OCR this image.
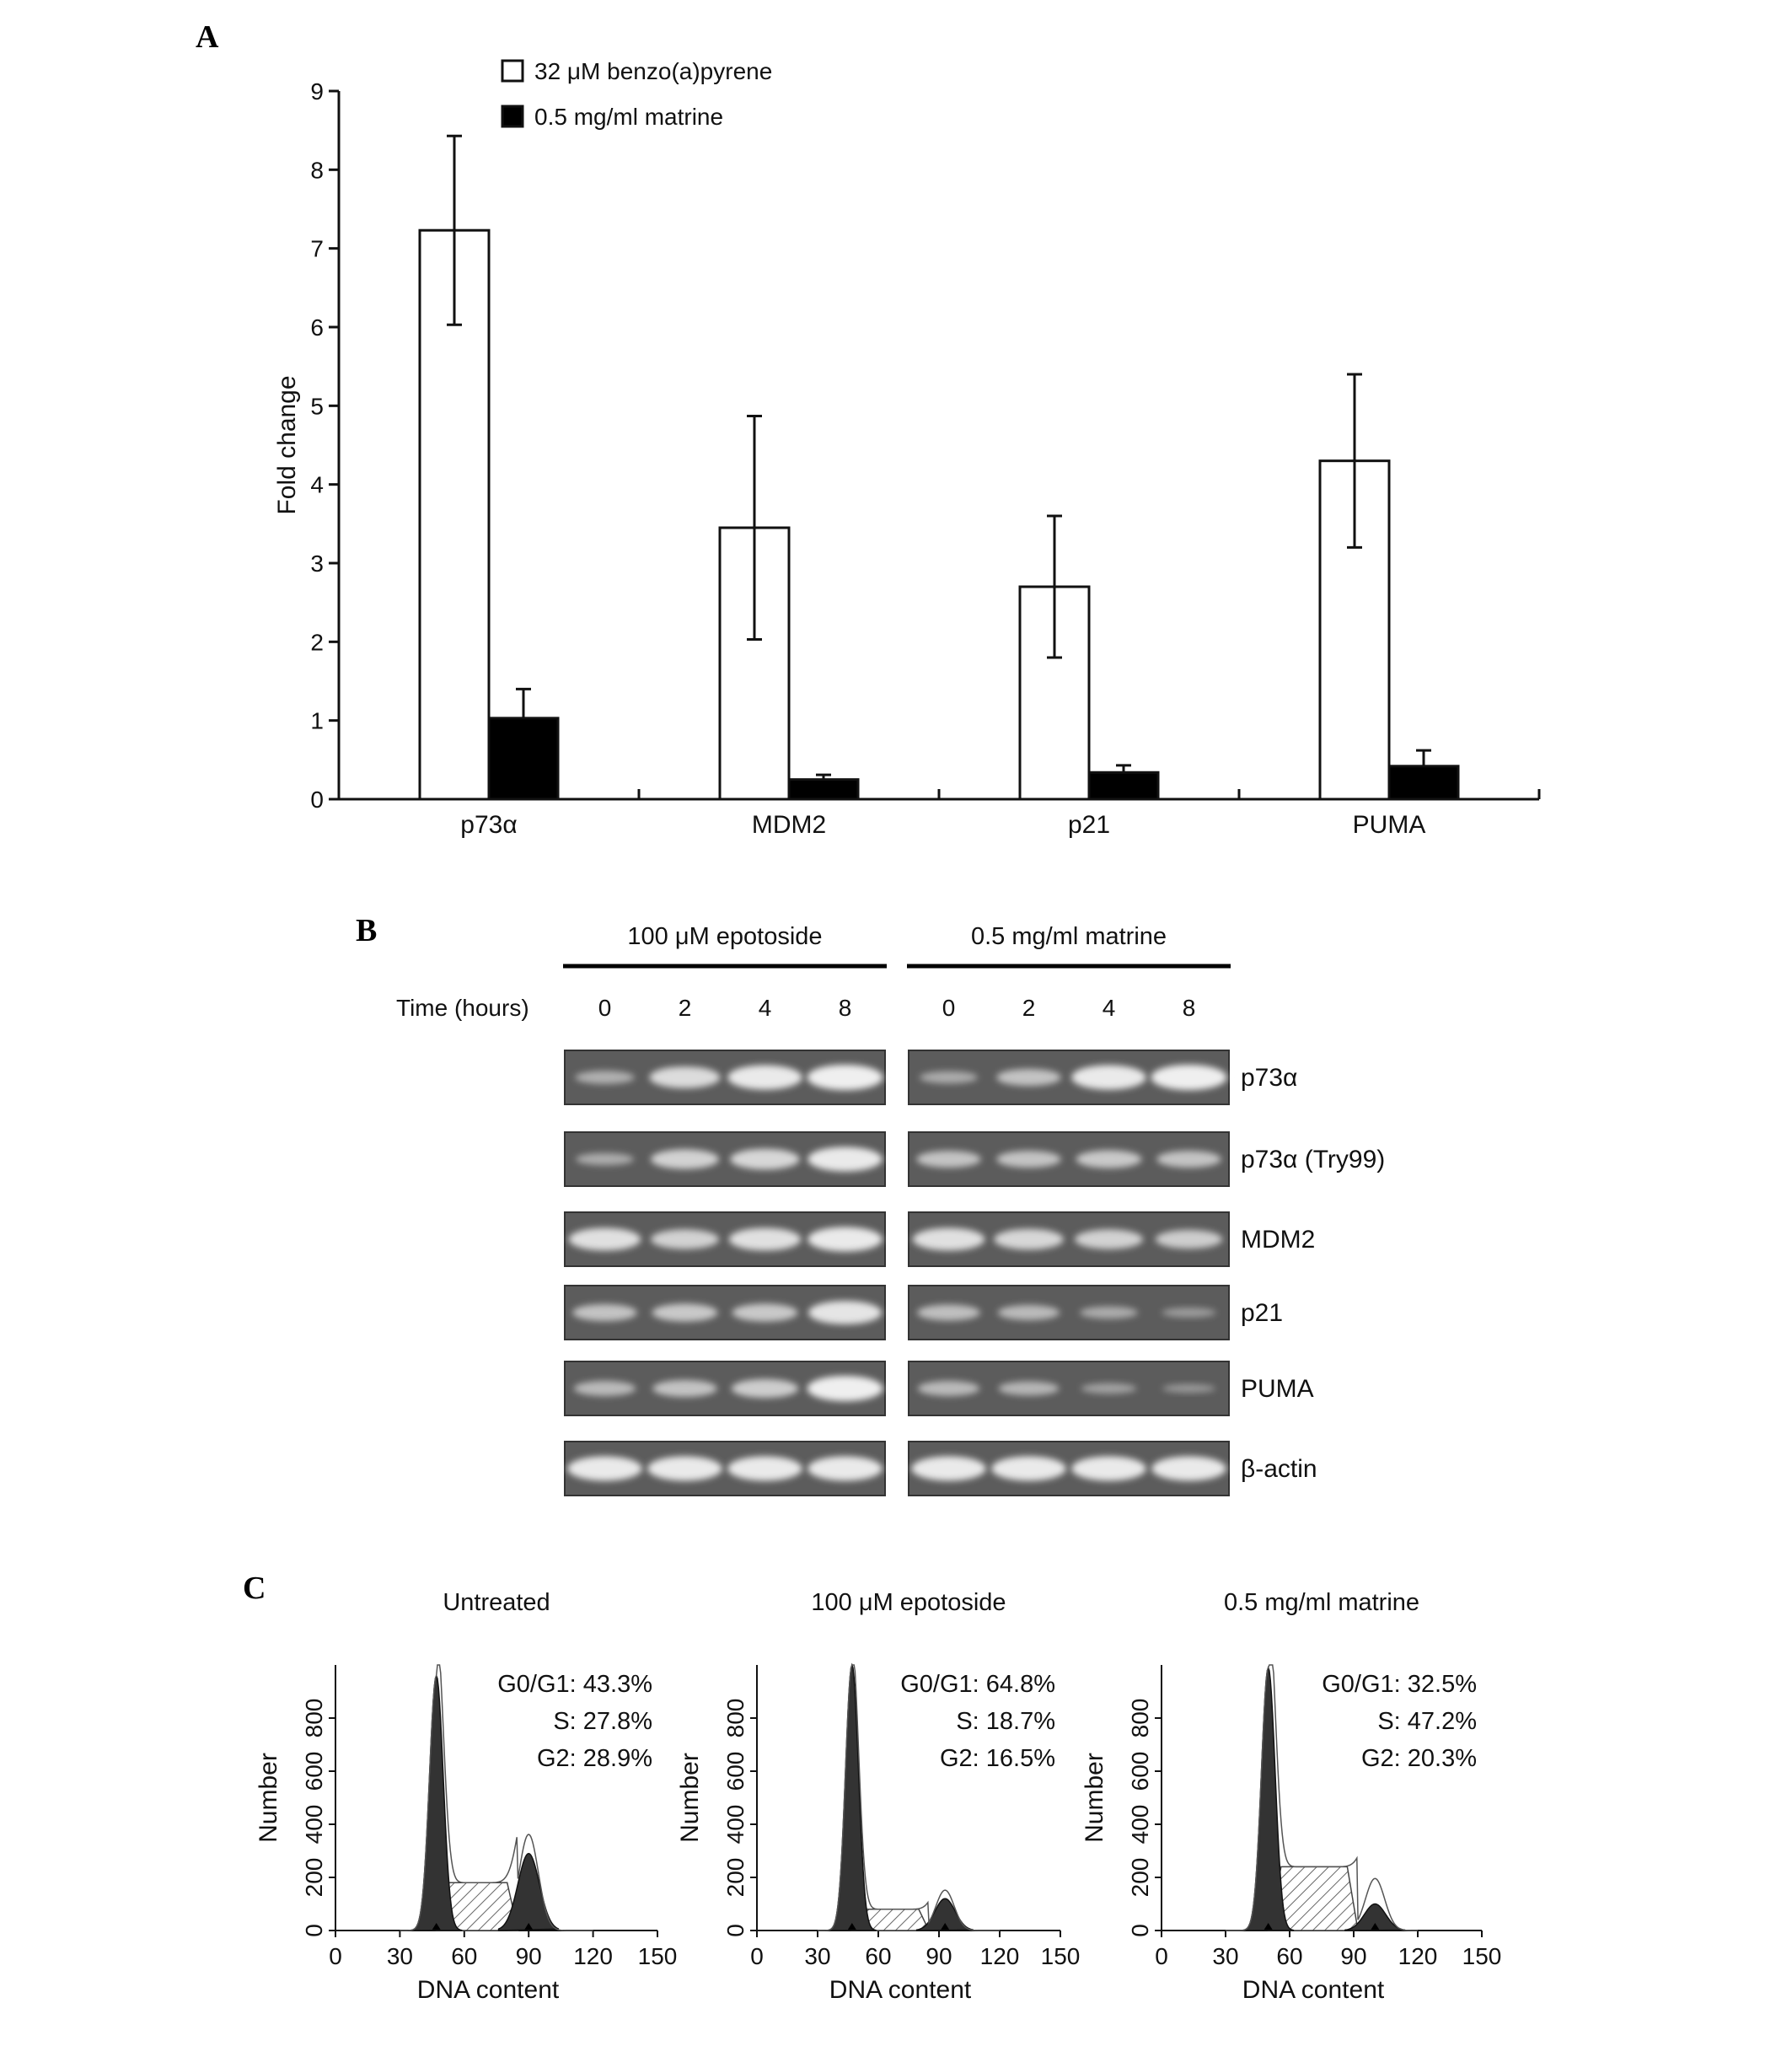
A
B
C
0
1
2
3
4
5
6
7
8
9
Fold change
p73α	MDM2	p21	PUMA
32 μM benzo(a)pyrene
0.5 mg/ml matrine
100 μM epotoside
0	2	4	8
0.5 mg/ml matrine
0	2	4	8
Time (hours)
p73α
p73α (Try99)
MDM2
p21
PUMA
β-actin
Untreated
0 30 60 90 120 150
0
200
400
600
800
Number
DNA content
G0/G1: 43.3%
S: 27.8%
G2: 28.9%
100 μM epotoside
0 30 60 90 120 150
0
200
400
600
800
Number
DNA content
G0/G1: 64.8%
S: 18.7%
G2: 16.5%
0.5 mg/ml matrine
0 30 60 90 120 150
0
200
400
600
800
Number
DNA content
G0/G1: 32.5%
S: 47.2%
G2: 20.3%
